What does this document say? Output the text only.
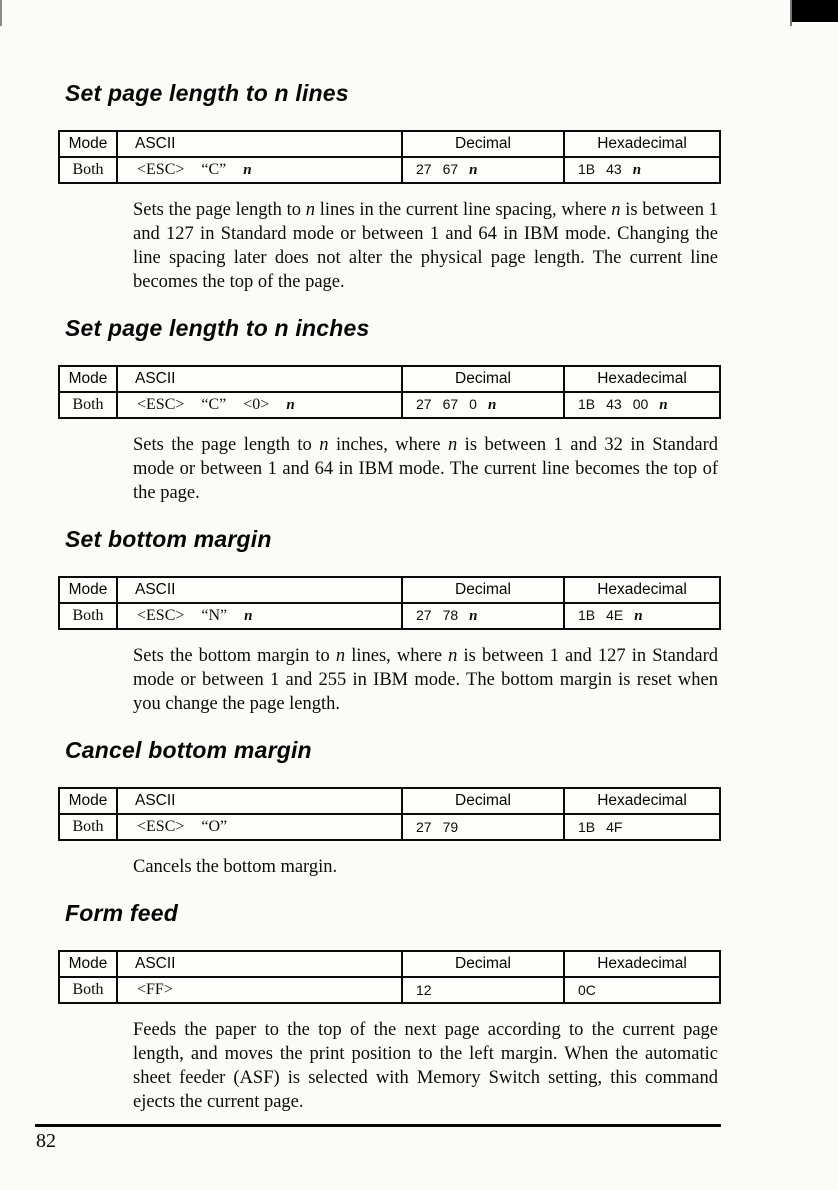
Set page length to n lines
Mode	ASCII	Decimal	Hexadecimal
Both	<ESC> “C” n	27 67 n	1B 43 n

Sets the page length to n lines in the current line spacing, where n is between 1 and 127 in Standard mode or between 1 and 64 in IBM mode. Changing the line spacing later does not alter the physical page length. The current line becomes the top of the page.

Set page length to n inches
Mode	ASCII	Decimal	Hexadecimal
Both	<ESC> “C” <0> n	27 67 0 n	1B 43 00 n

Sets the page length to n inches, where n is between 1 and 32 in Standard mode or between 1 and 64 in IBM mode. The current line becomes the top of the page.

Set bottom margin
Mode	ASCII	Decimal	Hexadecimal
Both	<ESC> “N” n	27 78 n	1B 4E n

Sets the bottom margin to n lines, where n is between 1 and 127 in Standard mode or between 1 and 255 in IBM mode. The bottom margin is reset when you change the page length.

Cancel bottom margin
Mode	ASCII	Decimal	Hexadecimal
Both	<ESC> “O”	27 79	1B 4F

Cancels the bottom margin.

Form feed
Mode	ASCII	Decimal	Hexadecimal
Both	<FF>	12	0C

Feeds the paper to the top of the next page according to the current page length, and moves the print position to the left margin. When the automatic sheet feeder (ASF) is selected with Memory Switch setting, this command ejects the current page.

82
